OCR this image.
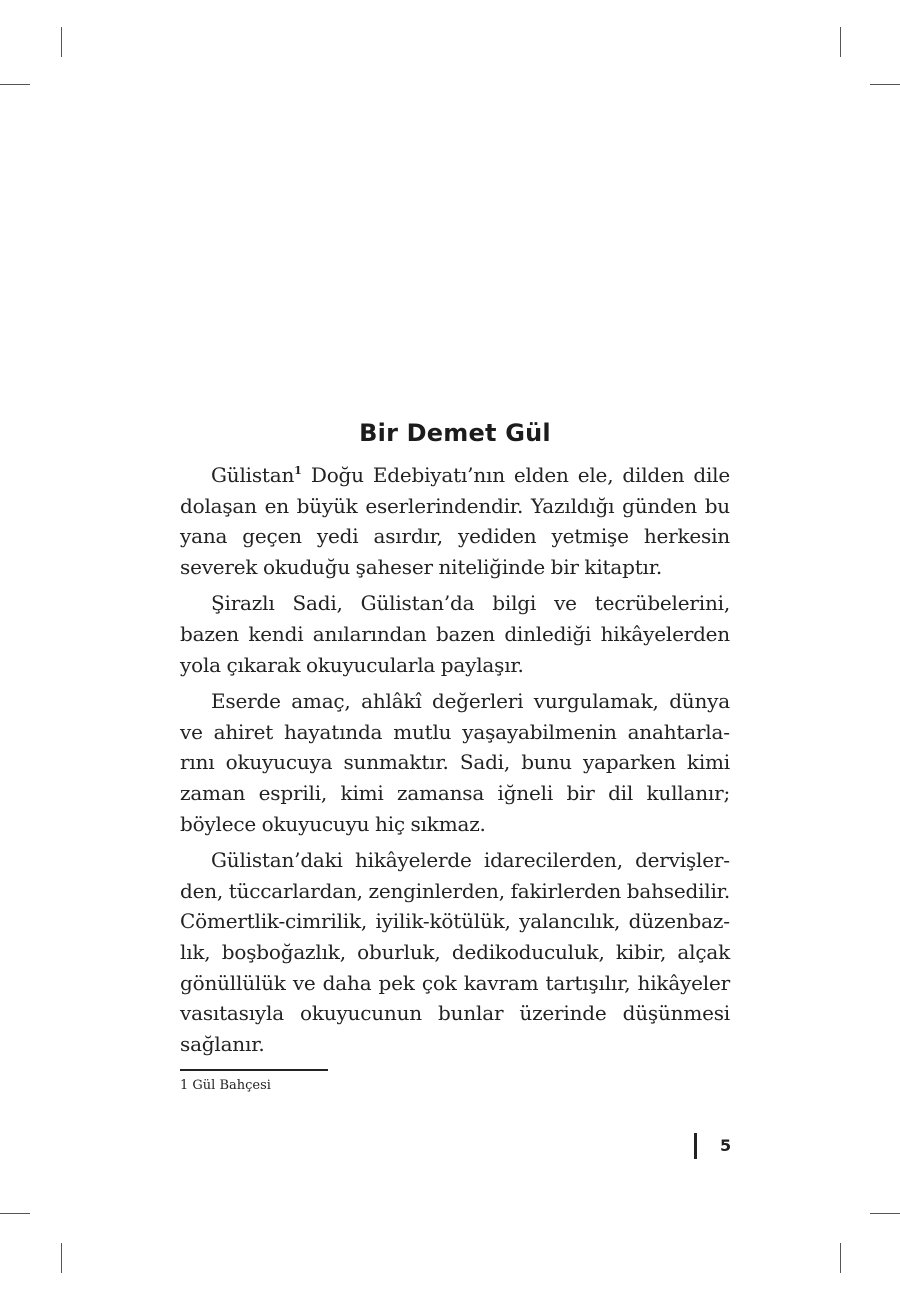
Bir Demet Gül

Gülistan$^1$ Doğu Edebiyatı’nın elden ele, dilden dile dolaşan en büyük eserlerindendir. Yazıldığı günden bu yana geçen yedi asırdır, yediden yetmişe herkesin severek okuduğu şaheser niteliğinde bir kitaptır.

Şirazlı Sadi, Gülistan’da bilgi ve tecrübelerini, bazen kendi anılarından bazen dinlediği hikâyelerden yola çıkarak okuyucularla paylaşır.

Eserde amaç, ahlâkî değerleri vurgulamak, dünya ve ahiret hayatında mutlu yaşayabilmenin anahtarlarını okuyucuya sunmaktır. Sadi, bunu yaparken kimi zaman esprili, kimi zamansa iğneli bir dil kullanır; böylece okuyucuyu hiç sıkmaz.

Gülistan’daki hikâyelerde idarecilerden, dervişlerden, tüccarlardan, zenginlerden, fakirlerden bahsedilir. Cömertlik-cimrilik, iyilik-kötülük, yalancılık, düzenbazlık, boşboğazlık, oburluk, dedikoduculuk, kibir, alçak gönüllülük ve daha pek çok kavram tartışılır, hikâyeler vasıtasıyla okuyucunun bunlar üzerinde düşünmesi sağlanır.

1 Gül Bahçesi
5
